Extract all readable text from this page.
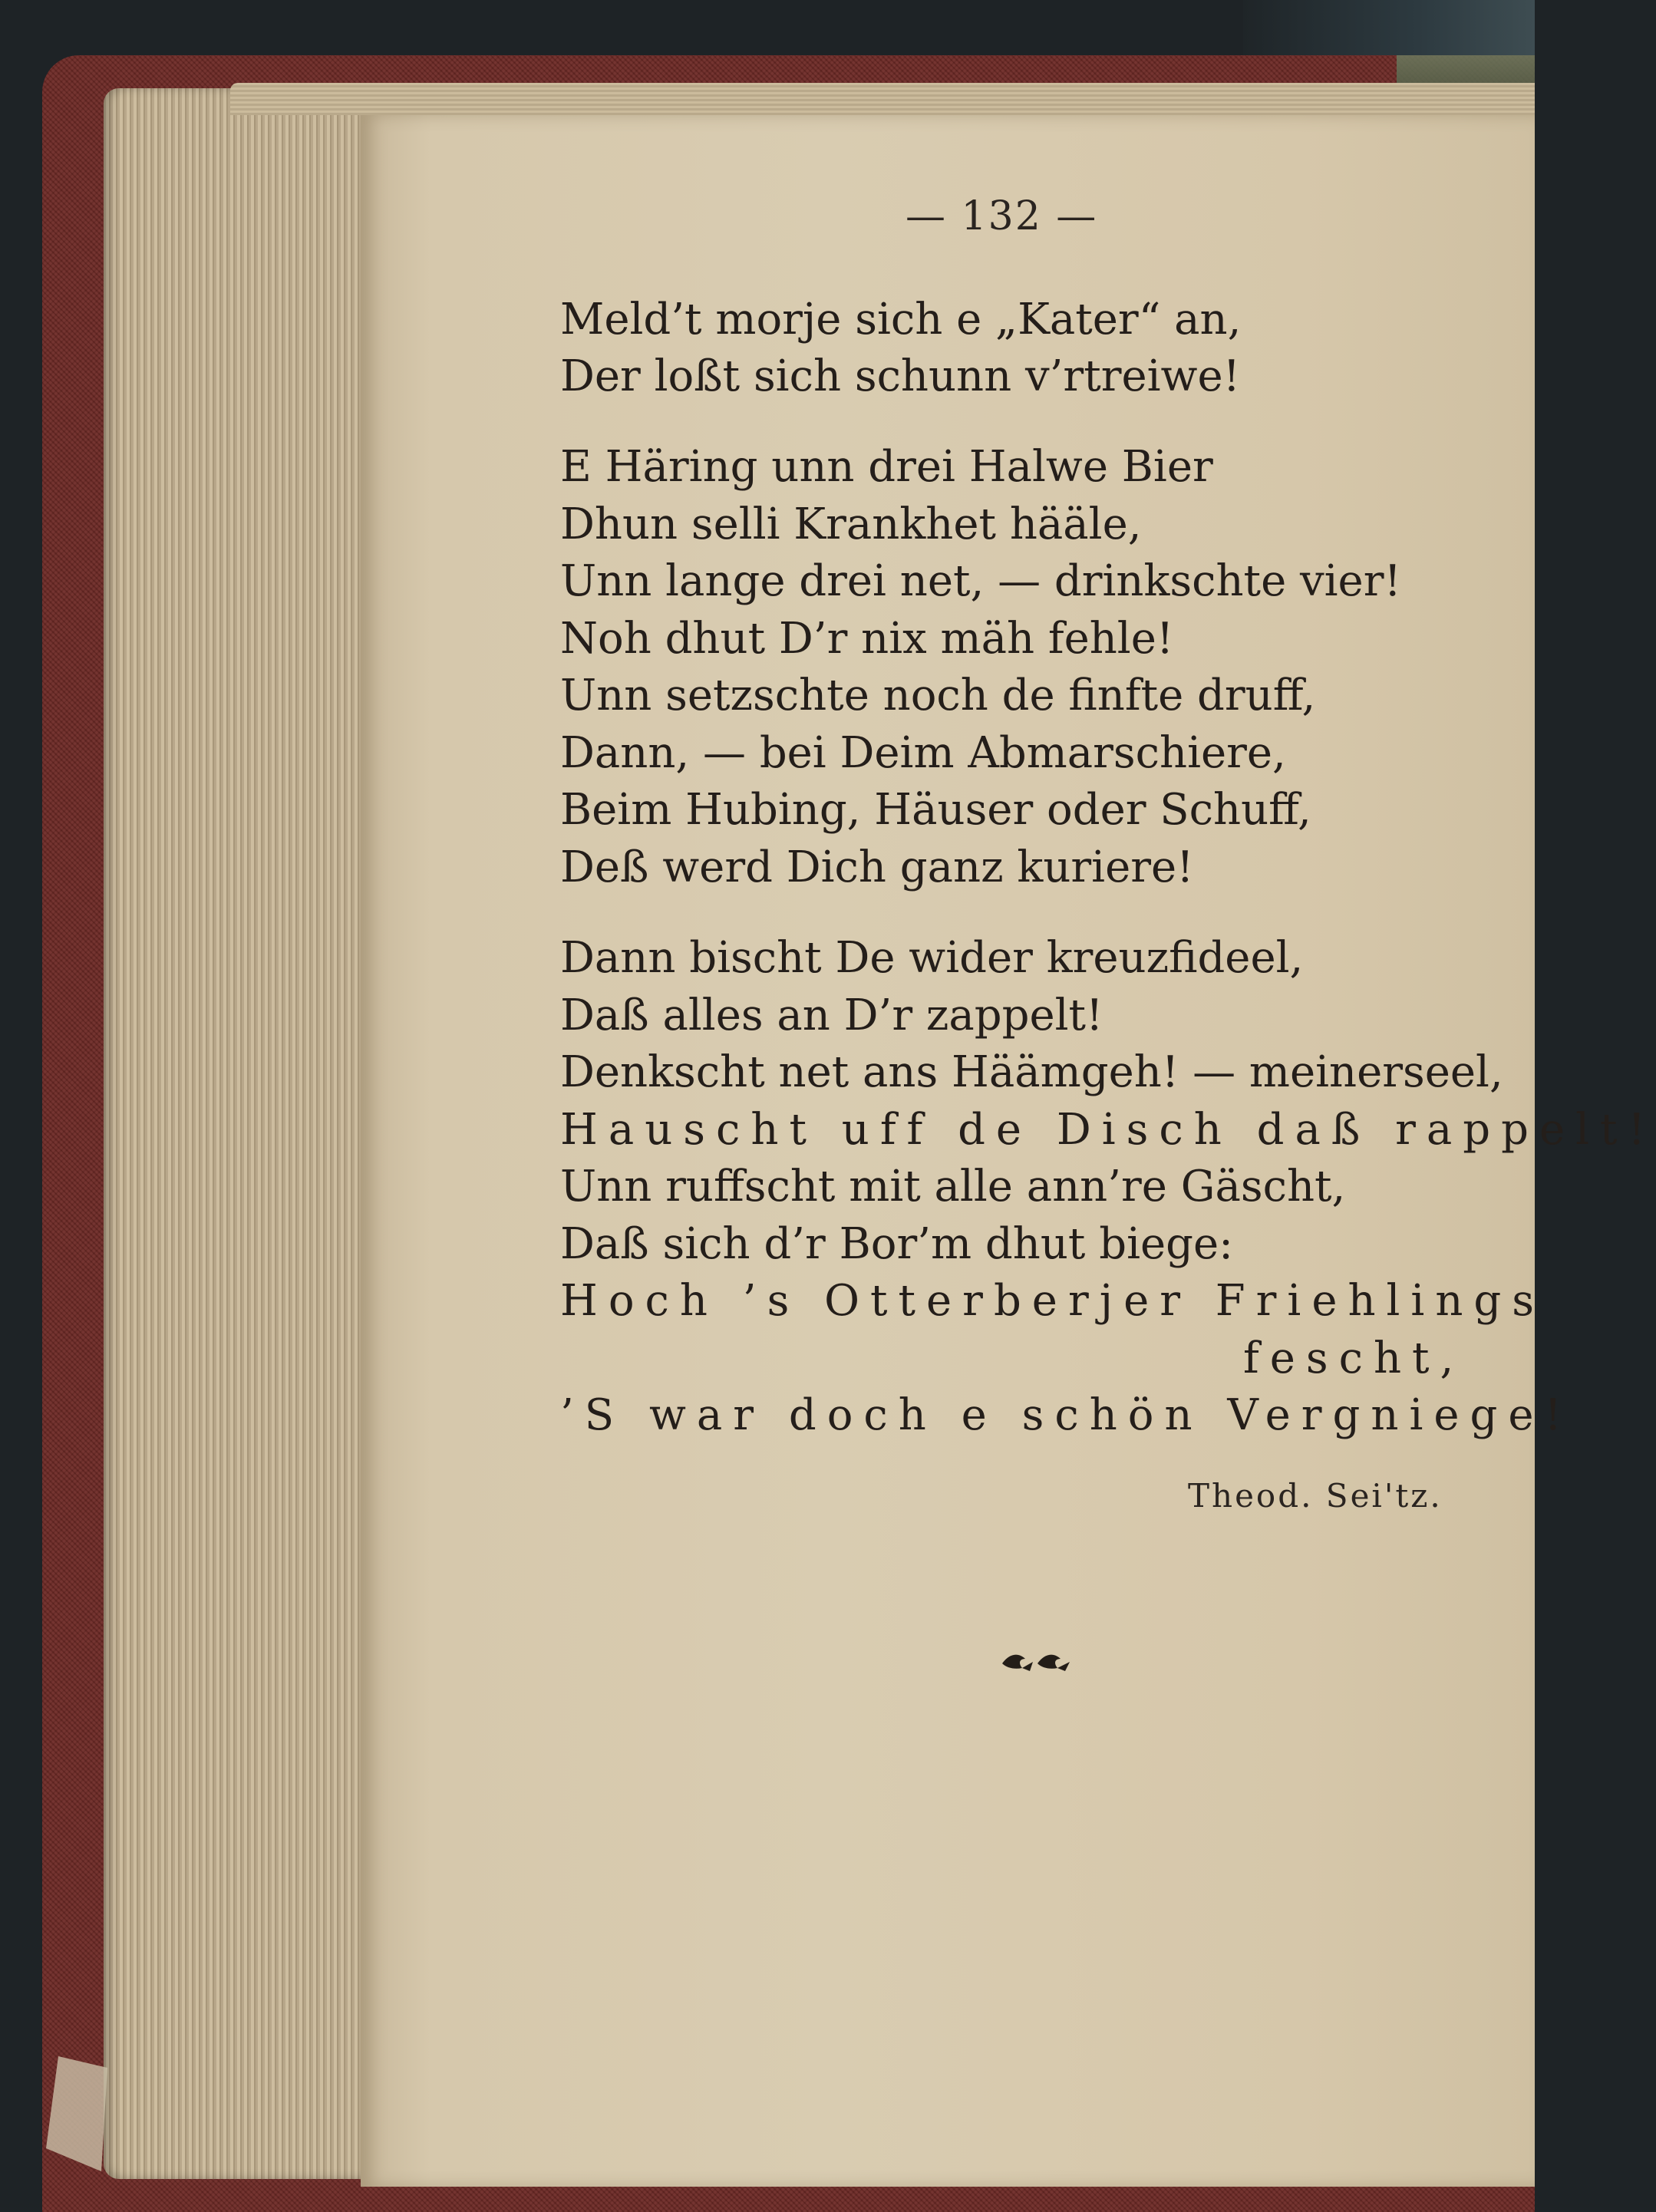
— 132 —
Meld’t morje sich e „Kater“ an,
Der loßt sich schunn v’rtreiwe!
E Häring unn drei Halwe Bier
Dhun selli Krankhet hääle,
Unn lange drei net, — drinkschte vier!
Noh dhut D’r nix mäh fehle!
Unn setzschte noch de finfte druff,
Dann, — bei Deim Abmarschiere,
Beim Hubing, Häuser oder Schuff,
Deß werd Dich ganz kuriere!
Dann bischt De wider kreuzfideel,
Daß alles an D’r zappelt!
Denkscht net ans Häämgeh! — meinerseel,
Hauscht uff de Disch daß rappelt!
Unn ruffscht mit alle ann’re Gäscht,
Daß sich d’r Bor’m dhut biege:
Hoch ’s Otterberjer Friehlings
fescht,
’S war doch e schön Vergniege!
Theod. Sei'tz.
